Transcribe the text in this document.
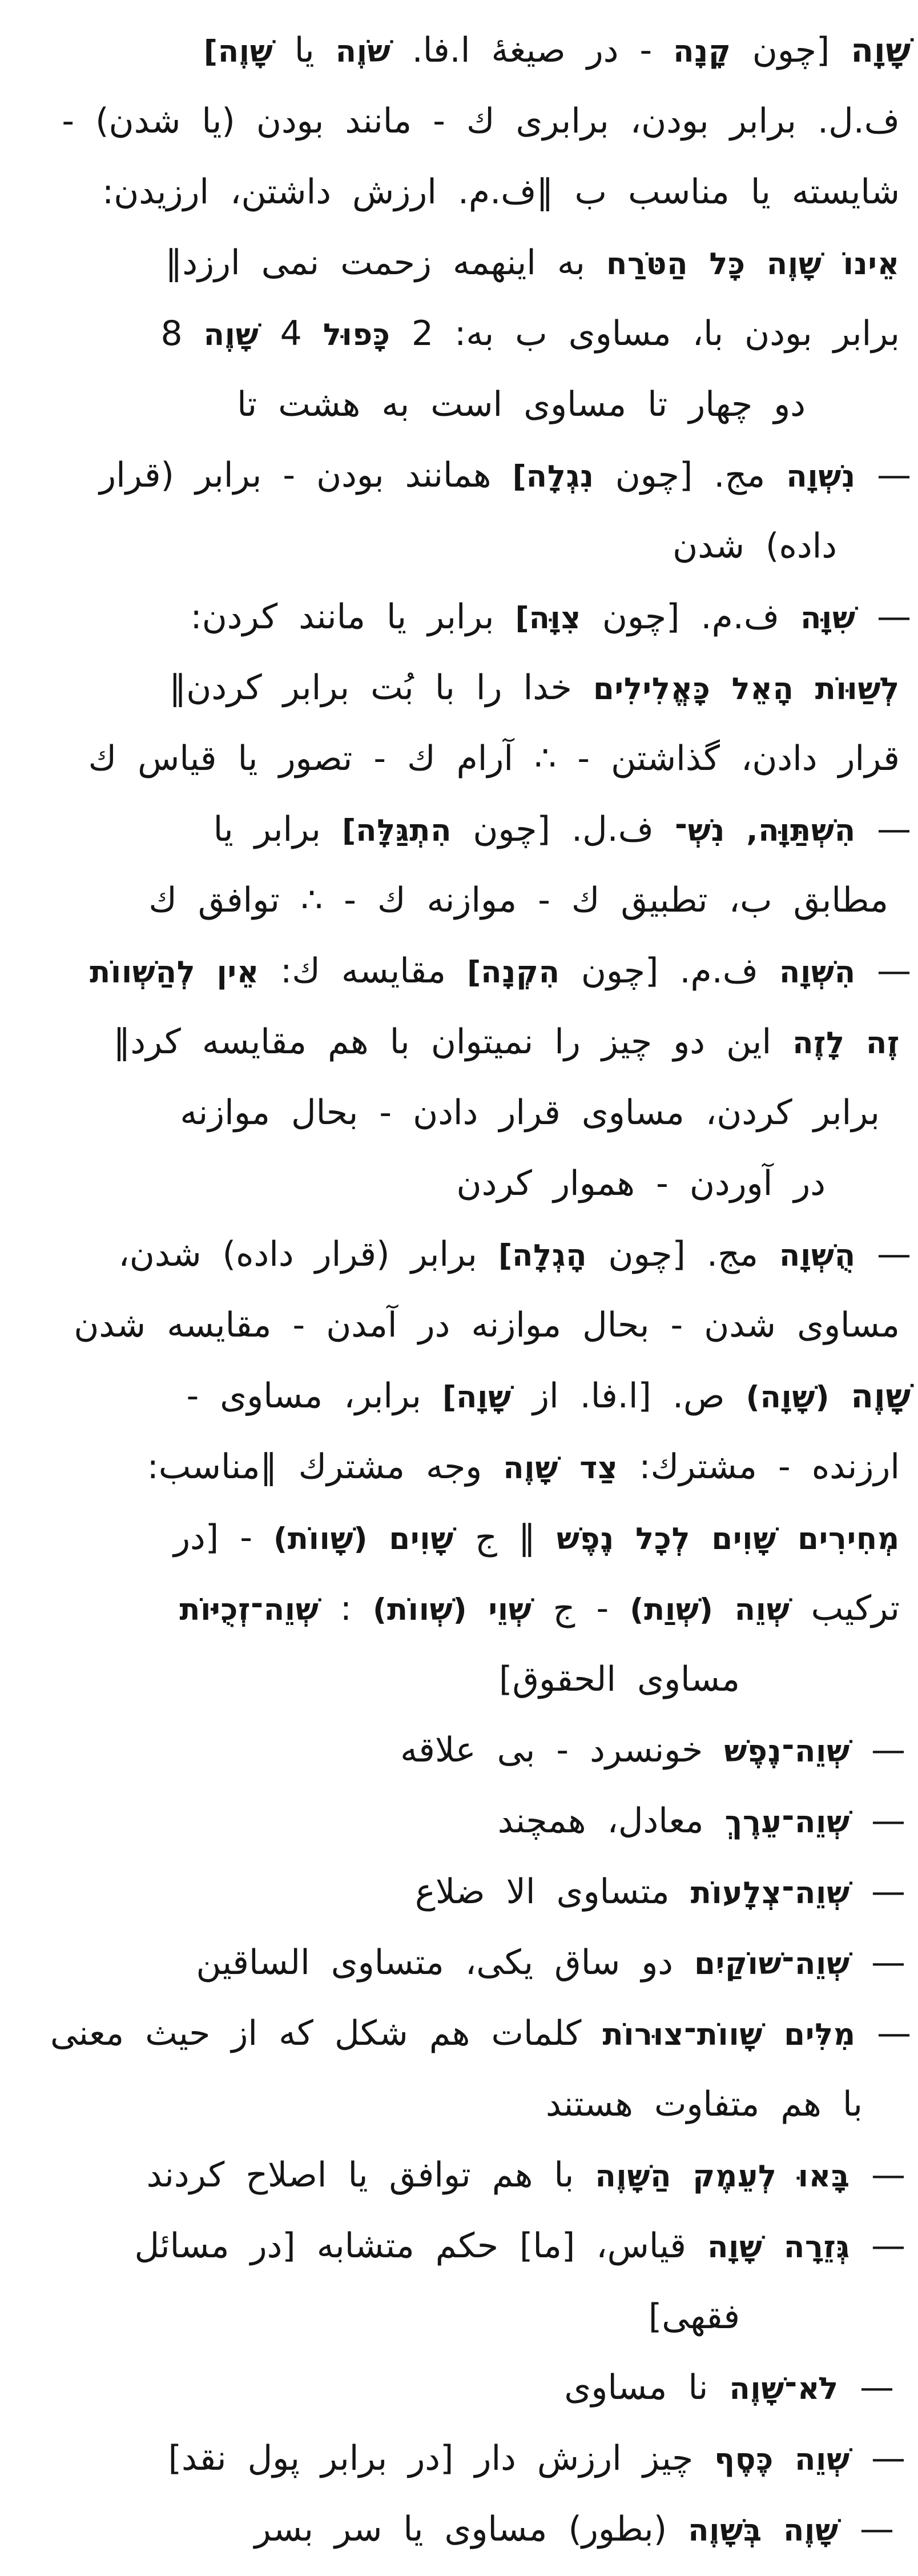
שָׁוָה [چون קָנָה - در صيغهٔ ا.فا. שֹׁוֶה يا שָׁוֶה]
ف.ل. برابر بودن، برابرى ك - مانند بودن (يا شدن) -
شايسته يا مناسب ب ‖ف.م. ارزش داشتن، ارزيدن:
אֵינוֹ שָׁוֶה כָּל הַטֹּרַח به اينهمه زحمت نمى ارزد‖
برابر بودن با، مساوى ب به: 2 כָּפוּל 4 שָׁוֶה 8
دو چهار تا مساوى است به هشت تا
— נִשְׁוָה مج. [چون נִגְלָה] همانند بودن - برابر (قرار
داده) شدن
— שִׁוָּה ف.م. [چون צִוָּה] برابر يا مانند كردن:
לְשַׁוּוֹת הָאֵל כָּאֱלִילִים خدا را با بُت برابر كردن‖
قرار دادن، گذاشتن - ∴ آرام ك - تصور يا قياس ك
— הִשְׁתַּוָּה, נִשְׁ־ ف.ل. [چون הִתְגַּלָּה] برابر يا
مطابق ب، تطبيق ك - موازنه ك - ∴ توافق ك
— הִשְׁוָה ف.م. [چون הִקְנָה] مقايسه ك: אֵין לְהַשְׁווֹת
זֶה לָזֶה اين دو چيز را نميتوان با هم مقايسه كرد‖
برابر كردن، مساوى قرار دادن - بحال موازنه
در آوردن - هموار كردن
— הֻשְׁוָה مج. [چون הָגְלָה] برابر (قرار داده) شدن،
مساوى شدن - بحال موازنه در آمدن - مقايسه شدن
שָׁוֶה (שָׁוָה) ص. [ا.فا. از שָׁוָה] برابر، مساوى -
ارزنده - مشترك: צַד שָׁוֶה وجه مشترك ‖مناسب:
מְחִירִים שָׁוִים לְכָל נֶפֶשׁ ‖ ج שָׁוִים (שָׁווֹת) - [در
تركيب שְׁוֵה (שְׁוַת) - ج שְׁוֵי (שְׁווֹת) : שְׁוֵה־זְכֻיּוֹת
مساوى الحقوق]
— שְׁוֵה־נֶפֶשׁ خونسرد - بى علاقه
— שְׁוֵה־עֵרֶךְ معادل، همچند
— שְׁוֵה־צְלָעוֹת متساوى الا ضلاع
— שְׁוֵה־שׁוֹקַיִם دو ساق يكى، متساوى الساقين
— מִלִּים שָׁווֹת־צוּרוֹת كلمات هم شكل كه از حيث معنى
با هم متفاوت هستند
— בָּאוּ לְעֵמֶק הַשָּׁוֶה با هم توافق يا اصلاح كردند
— גְּזֵרָה שָׁוָה قياس، [ما] حكم متشابه [در مسائل
فقهى]
— לֹא־שָׁוֶה نا مساوى
— שְׁוֵה כֶּסֶף چيز ارزش دار [در برابر پول نقد]
— שָׁוֶה בְּשָׁוֶה (بطور) مساوى يا سر بسر
